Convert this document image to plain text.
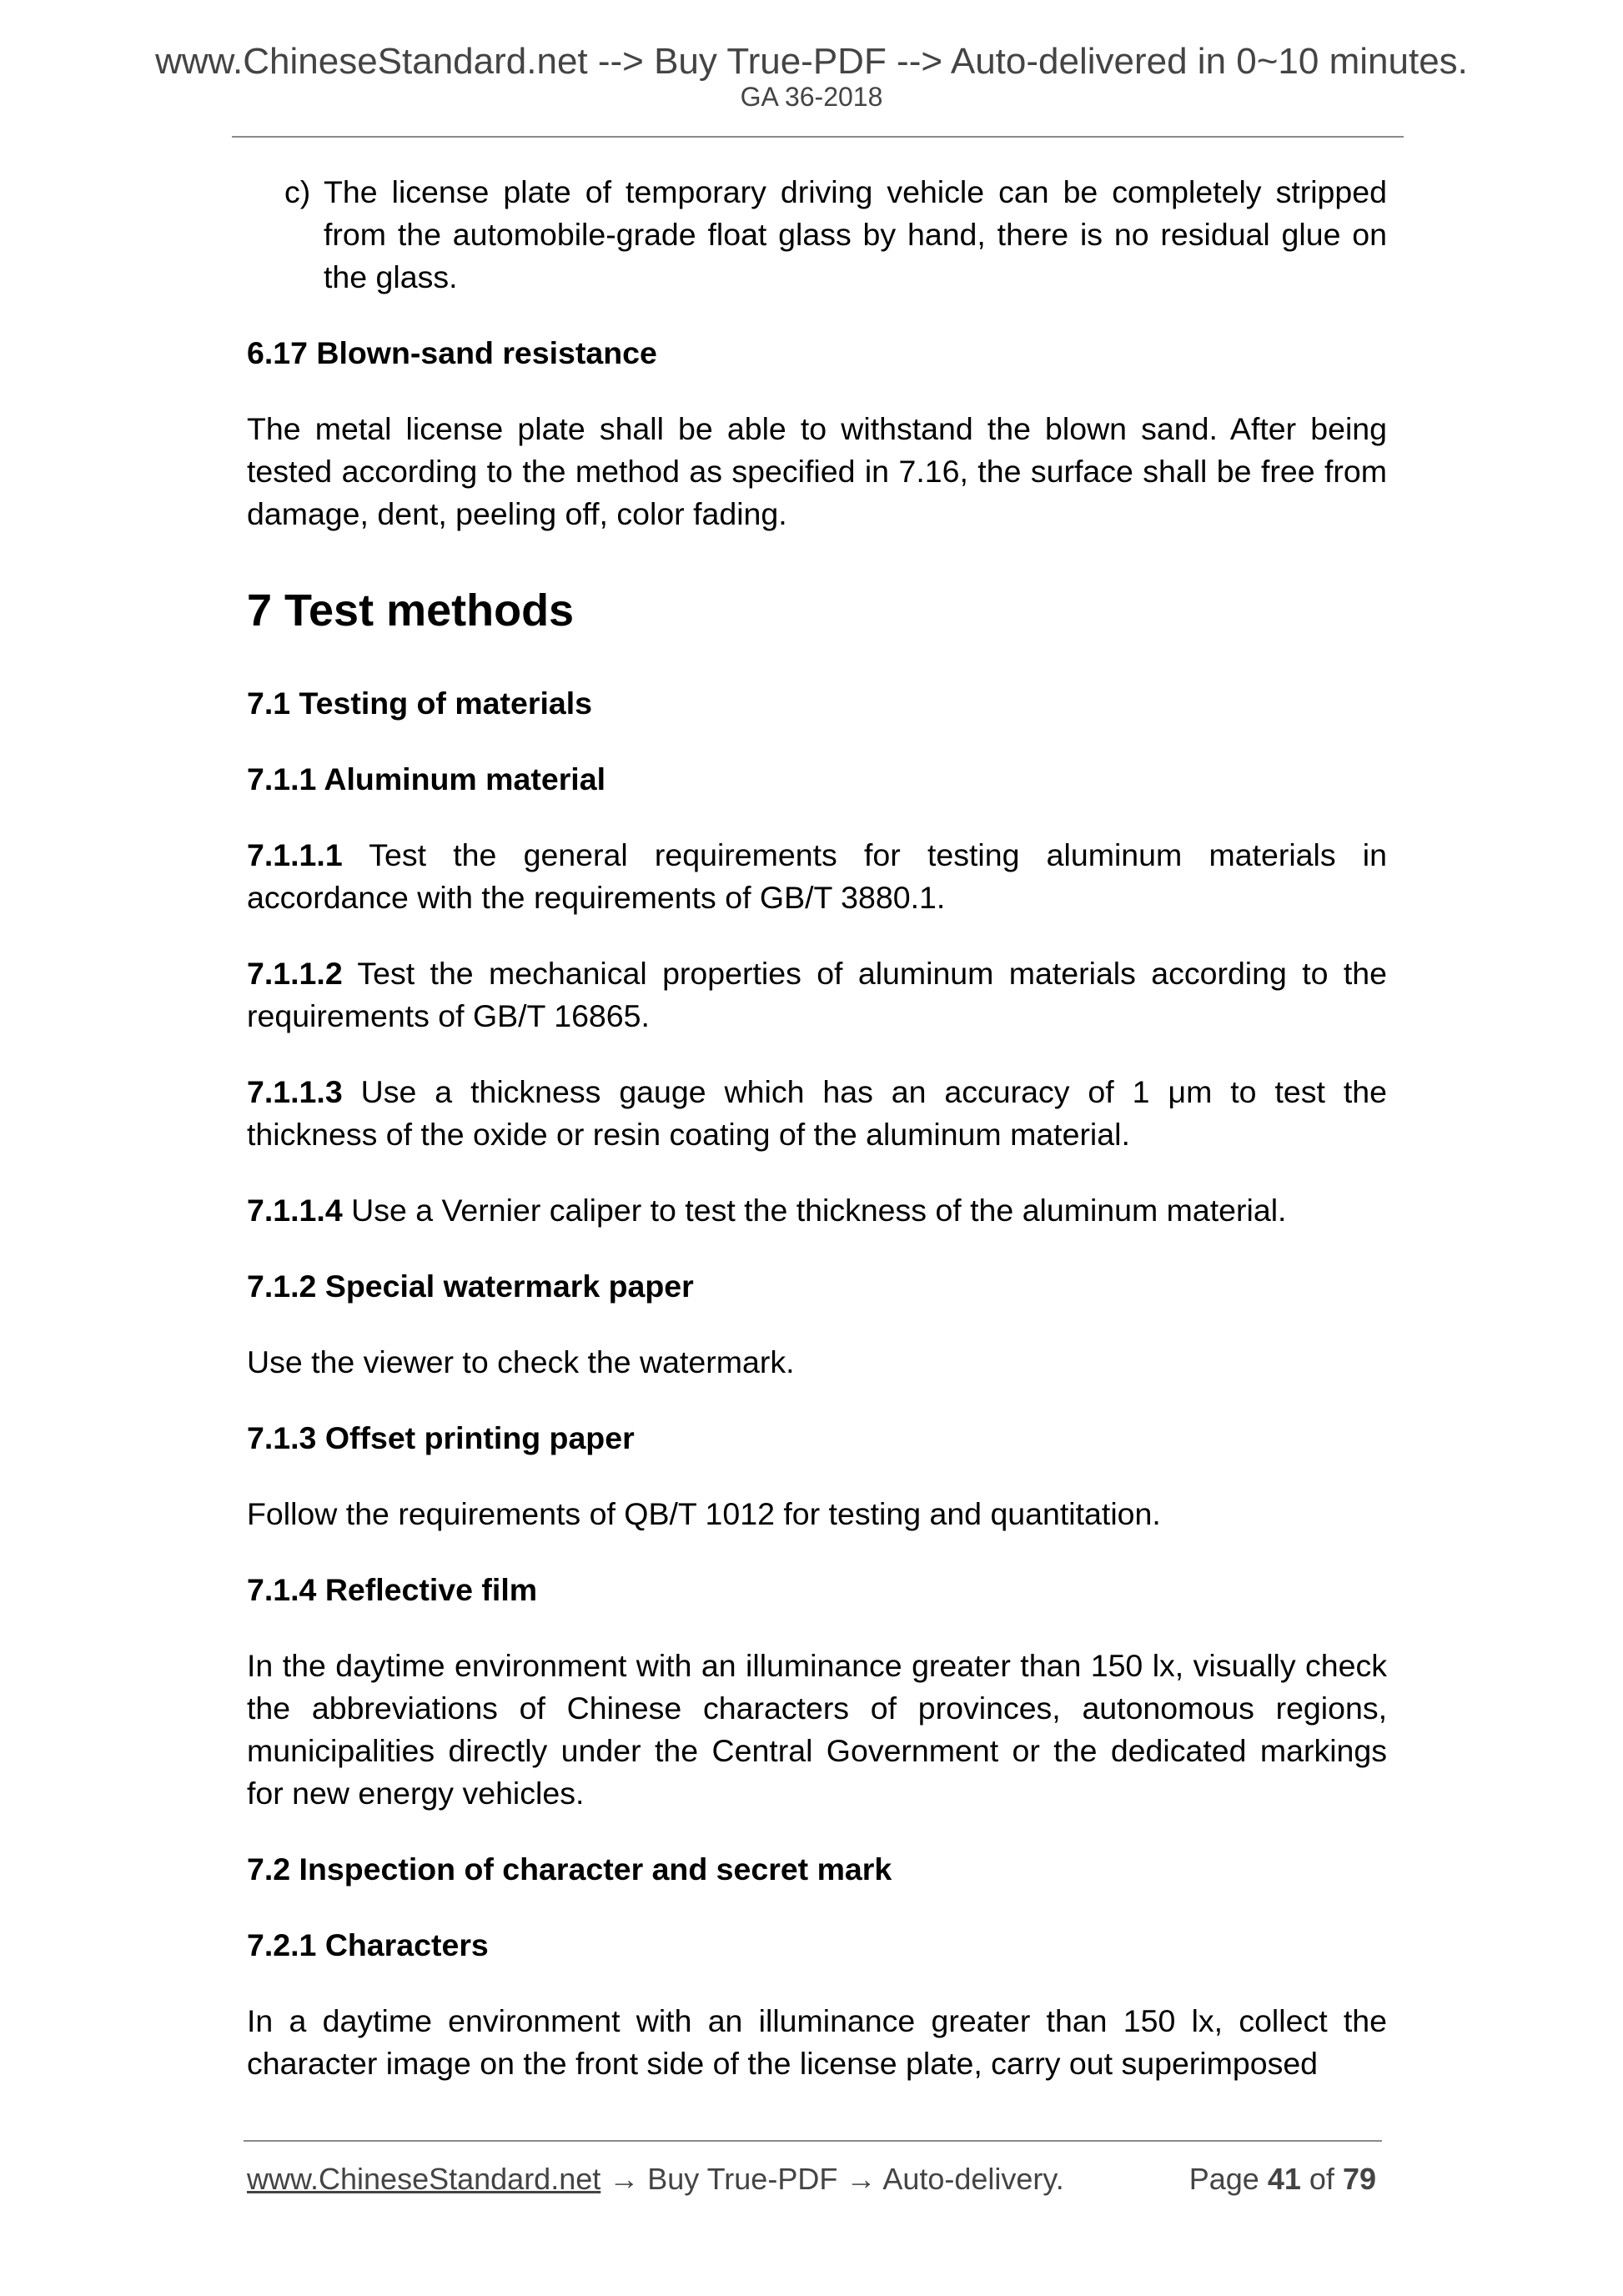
www.ChineseStandard.net --> Buy True-PDF --> Auto-delivered in 0~10 minutes.
GA 36-2018
c) The license plate of temporary driving vehicle can be completely stripped from the automobile-grade float glass by hand, there is no residual glue on the glass.
6.17 Blown-sand resistance

The metal license plate shall be able to withstand the blown sand. After being tested according to the method as specified in 7.16, the surface shall be free from damage, dent, peeling off, color fading.

7 Test methods
7.1 Testing of materials
7.1.1 Aluminum material

7.1.1.1 Test the general requirements for testing aluminum materials in accordance with the requirements of GB/T 3880.1.

7.1.1.2 Test the mechanical properties of aluminum materials according to the requirements of GB/T 16865.

7.1.1.3 Use a thickness gauge which has an accuracy of 1 μm to test the thickness of the oxide or resin coating of the aluminum material.

7.1.1.4 Use a Vernier caliper to test the thickness of the aluminum material.

7.1.2 Special watermark paper

Use the viewer to check the watermark.

7.1.3 Offset printing paper

Follow the requirements of QB/T 1012 for testing and quantitation.

7.1.4 Reflective film

In the daytime environment with an illuminance greater than 150 lx, visually check the abbreviations of Chinese characters of provinces, autonomous regions, municipalities directly under the Central Government or the dedicated markings for new energy vehicles.

7.2 Inspection of character and secret mark
7.2.1 Characters

In a daytime environment with an illuminance greater than 150 lx, collect the character image on the front side of the license plate, carry out superimposed

www.ChineseStandard.net → Buy True-PDF → Auto-delivery.	Page 41 of 79
